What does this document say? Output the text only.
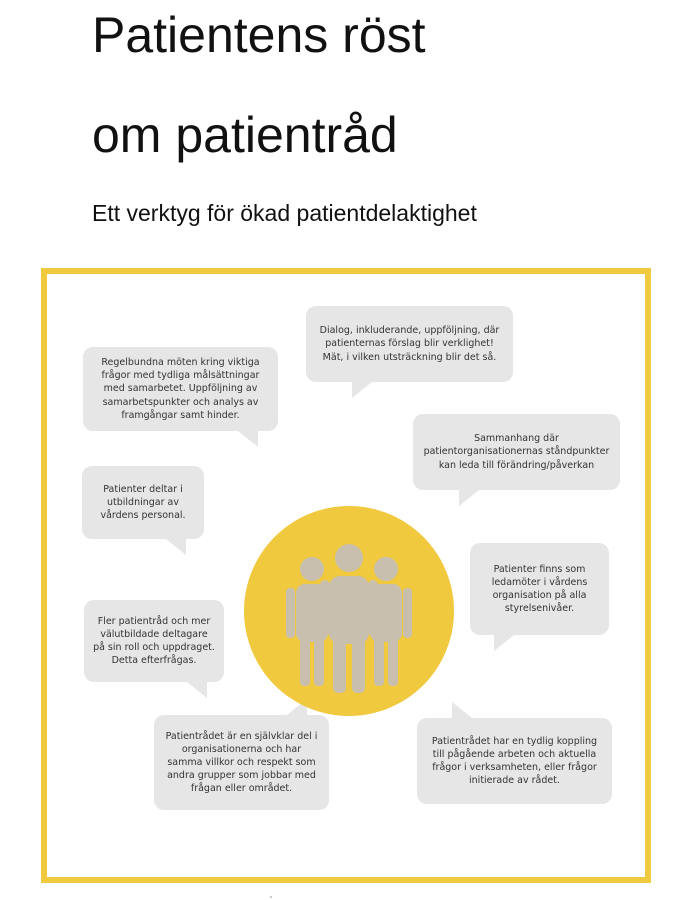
Patientens röst
om patientråd

Ett verktyg för ökad patientdelaktighet

Dialog, inkluderande, uppföljning, där patienternas förslag blir verklighet! Mät, i vilken utsträckning blir det så.
Regelbundna möten kring viktiga frågor med tydliga målsättningar med samarbetet. Uppföljning av samarbetspunkter och analys av framgångar samt hinder.
Sammanhang där patientorganisationernas ståndpunkter kan leda till förändring/påverkan
Patienter deltar i utbildningar av vårdens personal.
Patienter finns som ledamöter i vårdens organisation på alla styrelsenivåer.
Fler patientråd och mer välutbildade deltagare på sin roll och uppdraget. Detta efterfrågas.
Patientrådet är en självklar del i organisationerna och har samma villkor och respekt som andra grupper som jobbar med frågan eller området.
Patientrådet har en tydlig koppling till pågående arbeten och aktuella frågor i verksamheten, eller frågor initierade av rådet.
